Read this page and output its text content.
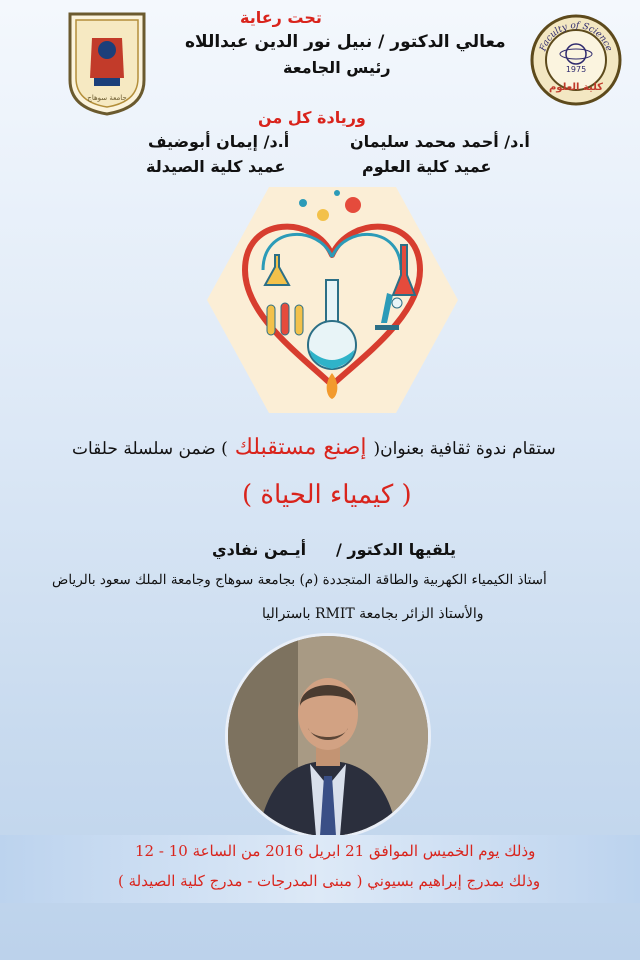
جامعة سوهاج
Faculty of Science
1975
كلية العلوم
تحت رعاية
معالي الدكتور / نبيل نور الدين عبداللاه
رئيس الجامعة
وريادة كل من
أ.د/ أحمد محمد سليمان
أ.د/ إيمان أبوضيف
عميد كلية العلوم
عميد كلية الصيدلة
ستقام ندوة ثقافية بعنوان( إصنع مستقبلك ) ضمن سلسلة حلقات
( كيمياء الحياة )
يلقيها الدكتور /
أيـمن نفادي
أستاذ الكيمياء الكهربية والطاقة المتجددة (م) بجامعة سوهاج وجامعة الملك سعود بالرياض
والأستاذ الزائر بجامعة RMIT باستراليا
وذلك يوم الخميس الموافق 21 ابريل 2016 من الساعة 10 - 12
وذلك بمدرج إبراهيم بسيوني ( مبنى المدرجات - مدرج كلية الصيدلة )
